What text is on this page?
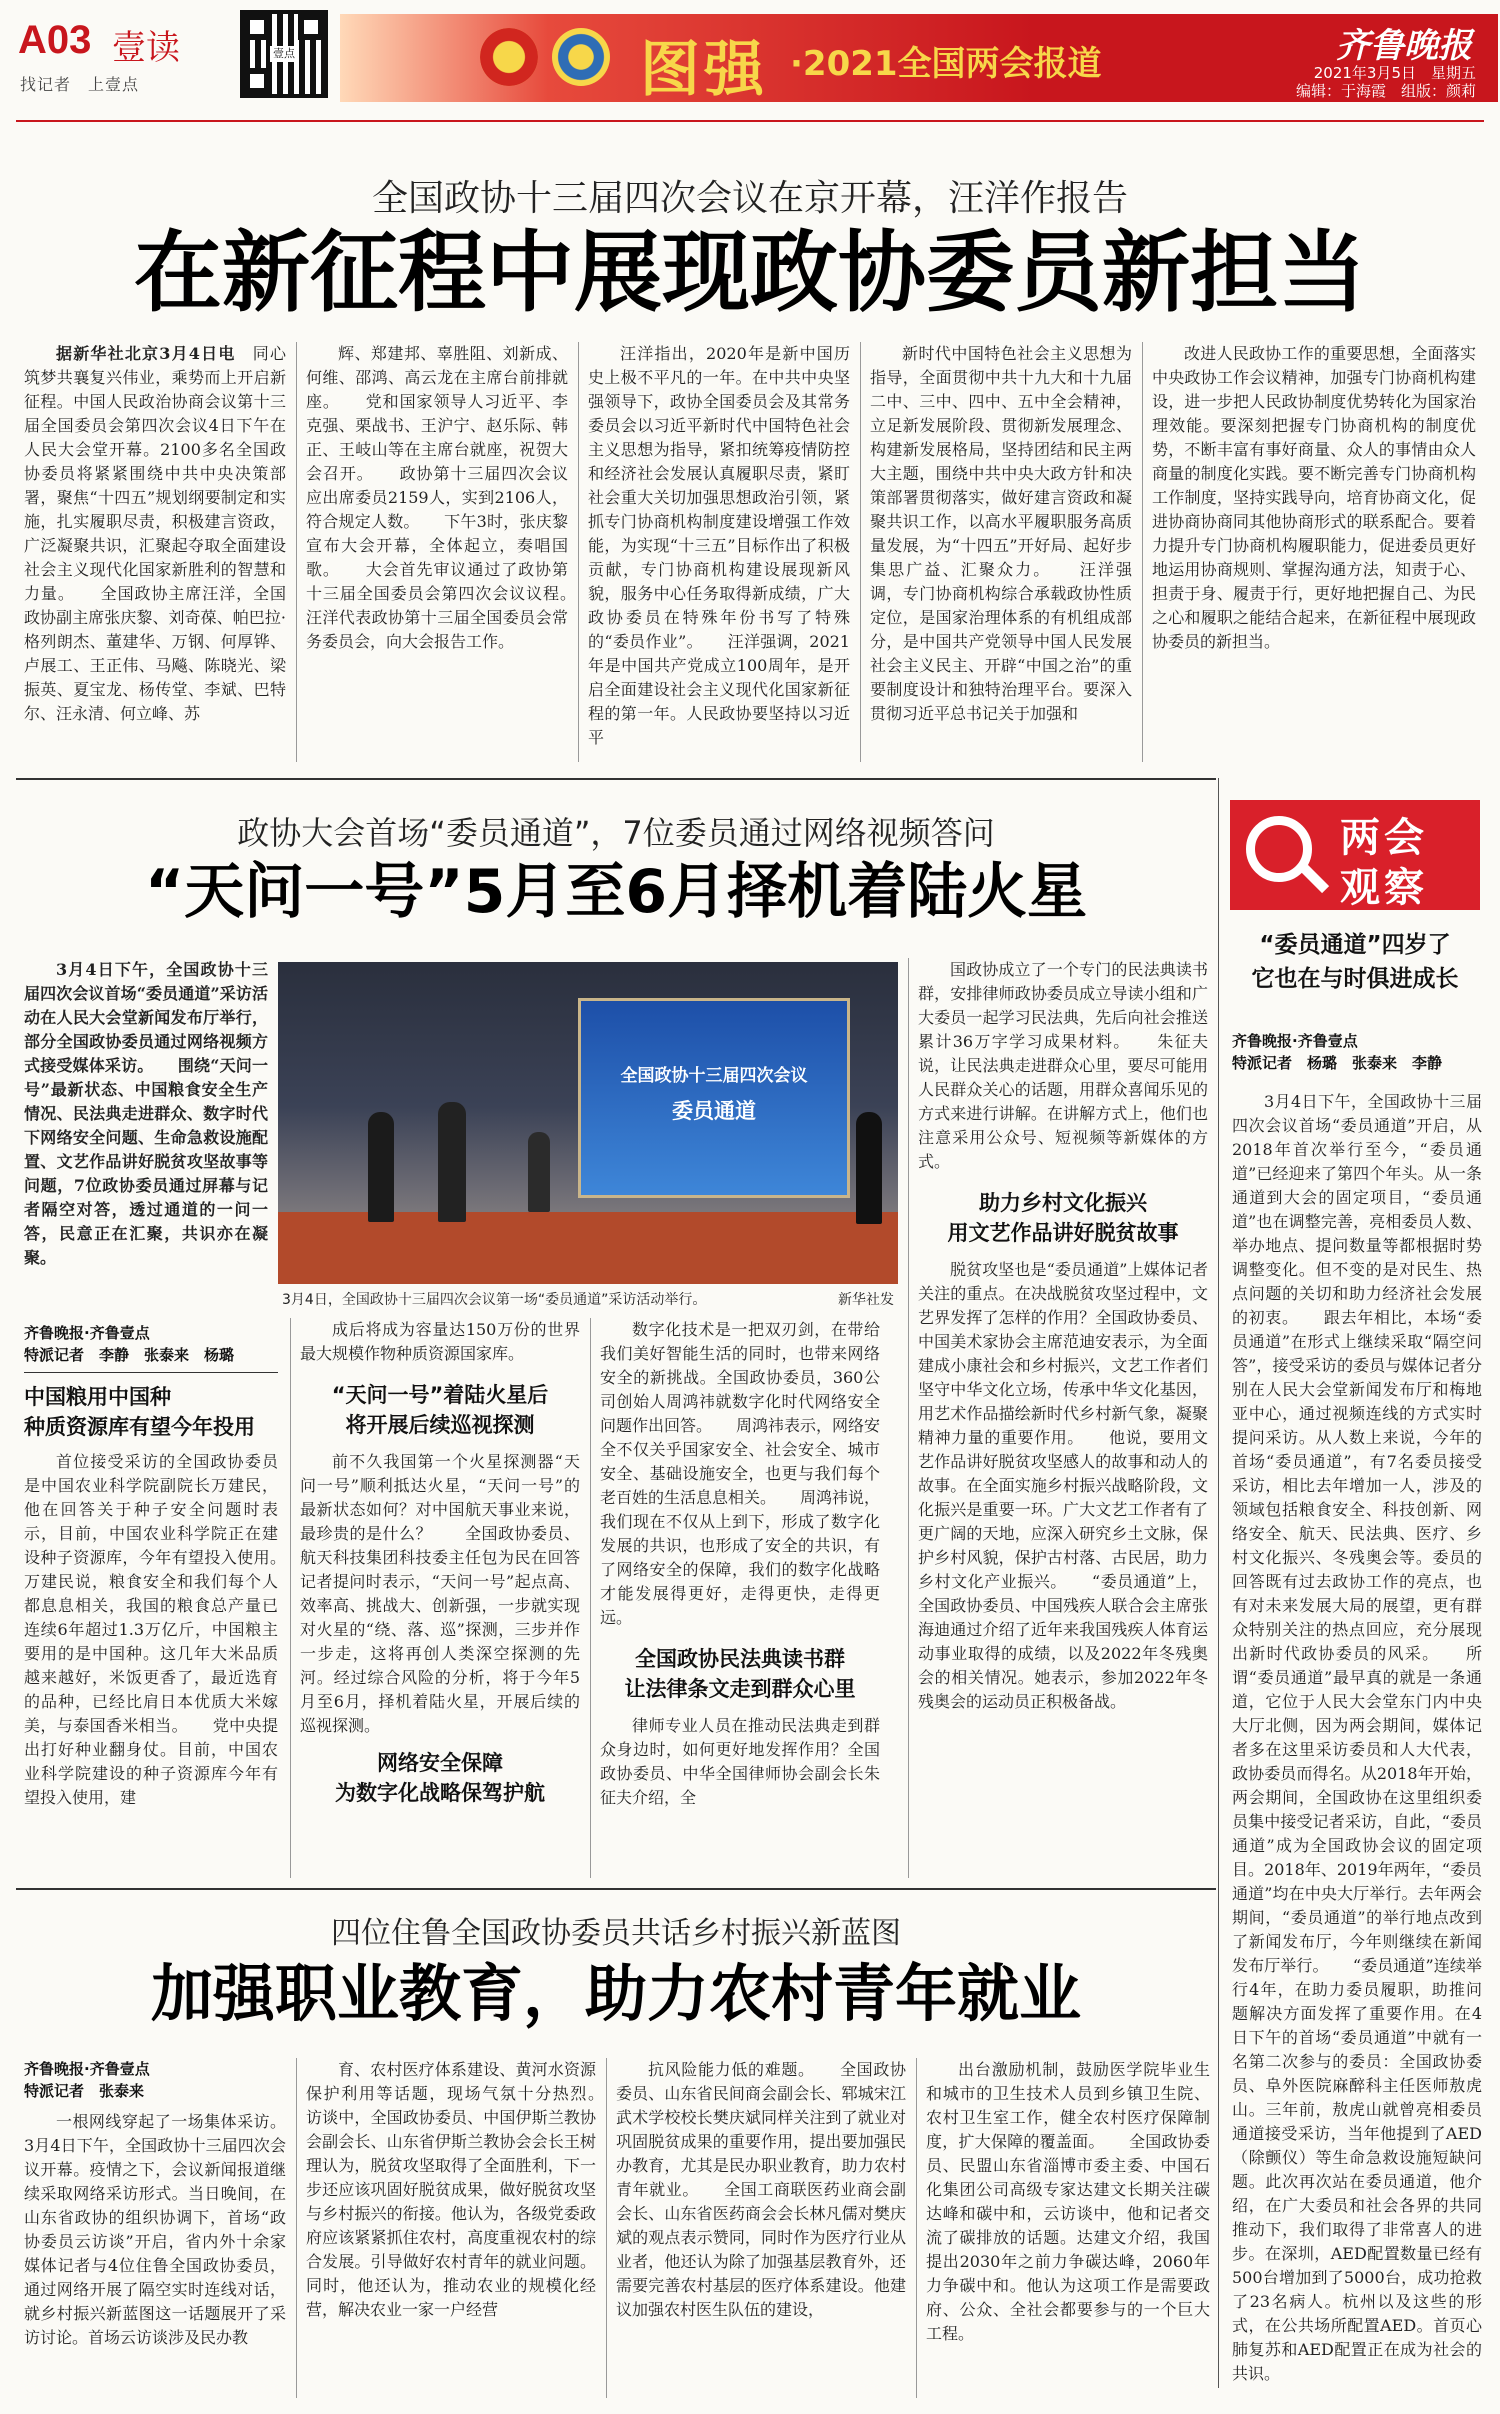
A03 壹读
找记者　上壹点
壹点	图强 ·2021全国两会报道	齐鲁晚报
2021年3月5日　星期五
编辑：于海霞　组版：颜莉
全国政协十三届四次会议在京开幕，汪洋作报告
在新征程中展现政协委员新担当

据新华社北京3月4日电　 同心筑梦共襄复兴伟业，乘势而上开启新征程。中国人民政治协商会议第十三届全国委员会第四次会议4日下午在人民大会堂开幕。2100多名全国政协委员将紧紧围绕中共中央决策部署，聚焦“十四五”规划纲要制定和实施，扎实履职尽责，积极建言资政，广泛凝聚共识，汇聚起夺取全面建设社会主义现代化国家新胜利的智慧和力量。　　全国政协主席汪洋，全国政协副主席张庆黎、刘奇葆、帕巴拉·格列朗杰、董建华、万钢、何厚铧、卢展工、王正伟、马飚、陈晓光、梁振英、夏宝龙、杨传堂、李斌、巴特尔、汪永清、何立峰、苏

辉、郑建邦、辜胜阻、刘新成、何维、邵鸿、高云龙在主席台前排就座。　　党和国家领导人习近平、李克强、栗战书、王沪宁、赵乐际、韩正、王岐山等在主席台就座，祝贺大会召开。　　政协第十三届四次会议应出席委员2159人，实到2106人，符合规定人数。　　下午3时，张庆黎宣布大会开幕，全体起立，奏唱国歌。　　大会首先审议通过了政协第十三届全国委员会第四次会议议程。　　汪洋代表政协第十三届全国委员会常务委员会，向大会报告工作。

汪洋指出，2020年是新中国历史上极不平凡的一年。在中共中央坚强领导下，政协全国委员会及其常务委员会以习近平新时代中国特色社会主义思想为指导，紧扣统筹疫情防控和经济社会发展认真履职尽责，紧盯社会重大关切加强思想政治引领，紧抓专门协商机构制度建设增强工作效能，为实现“十三五”目标作出了积极贡献，专门协商机构建设展现新风貌，服务中心任务取得新成绩，广大政协委员在特殊年份书写了特殊的“委员作业”。　　汪洋强调，2021年是中国共产党成立100周年，是开启全面建设社会主义现代化国家新征程的第一年。人民政协要坚持以习近平

新时代中国特色社会主义思想为指导，全面贯彻中共十九大和十九届二中、三中、四中、五中全会精神，立足新发展阶段、贯彻新发展理念、构建新发展格局，坚持团结和民主两大主题，围绕中共中央大政方针和决策部署贯彻落实，做好建言资政和凝聚共识工作，以高水平履职服务高质量发展，为“十四五”开好局、起好步集思广益、汇聚众力。　　汪洋强调，专门协商机构综合承载政协性质定位，是国家治理体系的有机组成部分，是中国共产党领导中国人民发展社会主义民主、开辟“中国之治”的重要制度设计和独特治理平台。要深入贯彻习近平总书记关于加强和

改进人民政协工作的重要思想，全面落实中央政协工作会议精神，加强专门协商机构建设，进一步把人民政协制度优势转化为国家治理效能。要深刻把握专门协商机构的制度优势，不断丰富有事好商量、众人的事情由众人商量的制度化实践。要不断完善专门协商机构工作制度，坚持实践导向，培育协商文化，促进协商协商同其他协商形式的联系配合。要着力提升专门协商机构履职能力，促进委员更好地运用协商规则、掌握沟通方法，知责于心、担责于身、履责于行，更好地把握自己、为民之心和履职之能结合起来，在新征程中展现政协委员的新担当。

政协大会首场“委员通道”，7位委员通过网络视频答问
“天问一号”5月至6月择机着陆火星

3月4日下午，全国政协十三届四次会议首场“委员通道”采访活动在人民大会堂新闻发布厅举行，部分全国政协委员通过网络视频方式接受媒体采访。　　围绕“天问一号”最新状态、中国粮食安全生产情况、民法典走进群众、数字时代下网络安全问题、生命急救设施配置、文艺作品讲好脱贫攻坚故事等问题，7位政协委员通过屏幕与记者隔空对答，透过通道的一问一答，民意正在汇聚，共识亦在凝聚。

全国政协十三届四次会议
委员通道
3月4日，全国政协十三届四次会议第一场“委员通道”采访活动举行。	新华社发
齐鲁晚报·齐鲁壹点
特派记者　李静　张泰来　杨璐
中国粮用中国种
种质资源库有望今年投用

首位接受采访的全国政协委员是中国农业科学院副院长万建民，他在回答关于种子安全问题时表示，目前，中国农业科学院正在建设种子资源库，今年有望投入使用。　　万建民说，粮食安全和我们每个人都息息相关，我国的粮食总产量已连续6年超过1.3万亿斤，中国粮主要用的是中国种。这几年大米品质越来越好，米饭更香了，最近选育的品种，已经比肩日本优质大米嫁美，与泰国香米相当。　　党中央提出打好种业翻身仗。目前，中国农业科学院建设的种子资源库今年有望投入使用，建

成后将成为容量达150万份的世界最大规模作物种质资源国家库。

“天问一号”着陆火星后
将开展后续巡视探测

前不久我国第一个火星探测器“天问一号”顺利抵达火星，“天问一号”的最新状态如何？对中国航天事业来说，最珍贵的是什么？　　全国政协委员、航天科技集团科技委主任包为民在回答记者提问时表示，“天问一号”起点高、效率高、挑战大、创新强，一步就实现对火星的“绕、落、巡”探测，三步并作一步走，这将再创人类深空探测的先河。经过综合风险的分析，将于今年5月至6月，择机着陆火星，开展后续的巡视探测。

网络安全保障
为数字化战略保驾护航

数字化技术是一把双刃剑，在带给我们美好智能生活的同时，也带来网络安全的新挑战。全国政协委员，360公司创始人周鸿祎就数字化时代网络安全问题作出回答。　　周鸿祎表示，网络安全不仅关乎国家安全、社会安全、城市安全、基础设施安全，也更与我们每个老百姓的生活息息相关。　　周鸿祎说，我们现在不仅从上到下，形成了数字化发展的共识，也形成了安全的共识，有了网络安全的保障，我们的数字化战略才能发展得更好，走得更快，走得更远。

全国政协民法典读书群
让法律条文走到群众心里

律师专业人员在推动民法典走到群众身边时，如何更好地发挥作用？全国政协委员、中华全国律师协会副会长朱征夫介绍，全

国政协成立了一个专门的民法典读书群，安排律师政协委员成立导读小组和广大委员一起学习民法典，先后向社会推送累计36万字学习成果材料。　　朱征夫说，让民法典走进群众心里，要尽可能用人民群众关心的话题，用群众喜闻乐见的方式来进行讲解。在讲解方式上，他们也注意采用公众号、短视频等新媒体的方式。

助力乡村文化振兴
用文艺作品讲好脱贫故事

脱贫攻坚也是“委员通道”上媒体记者关注的重点。在决战脱贫攻坚过程中，文艺界发挥了怎样的作用？全国政协委员、中国美术家协会主席范迪安表示，为全面建成小康社会和乡村振兴，文艺工作者们坚守中华文化立场，传承中华文化基因，用艺术作品描绘新时代乡村新气象，凝聚精神力量的重要作用。　　他说，要用文艺作品讲好脱贫攻坚感人的故事和动人的故事。在全面实施乡村振兴战略阶段，文化振兴是重要一环。广大文艺工作者有了更广阔的天地，应深入研究乡土文脉，保护乡村风貌，保护古村落、古民居，助力乡村文化产业振兴。　　“委员通道”上，全国政协委员、中国残疾人联合会主席张海迪通过介绍了近年来我国残疾人体育运动事业取得的成绩，以及2022年冬残奥会的相关情况。她表示，参加2022年冬残奥会的运动员正积极备战。

两会
观察
“委员通道”四岁了
它也在与时俱进成长
齐鲁晚报·齐鲁壹点
特派记者　杨璐　张泰来　李静

3月4日下午，全国政协十三届四次会议首场“委员通道”开启，从2018年首次举行至今，“委员通道”已经迎来了第四个年头。从一条通道到大会的固定项目，“委员通道”也在调整完善，亮相委员人数、举办地点、提问数量等都根据时势调整变化。但不变的是对民生、热点问题的关切和助力经济社会发展的初衷。　　跟去年相比，本场“委员通道”在形式上继续采取“隔空问答”，接受采访的委员与媒体记者分别在人民大会堂新闻发布厅和梅地亚中心，通过视频连线的方式实时提问采访。从人数上来说，今年的首场“委员通道”，有7名委员接受采访，相比去年增加一人，涉及的领域包括粮食安全、科技创新、网络安全、航天、民法典、医疗、乡村文化振兴、冬残奥会等。委员的回答既有过去政协工作的亮点，也有对未来发展大局的展望，更有群众特别关注的热点回应，充分展现出新时代政协委员的风采。　　所谓“委员通道”最早真的就是一条通道，它位于人民大会堂东门内中央大厅北侧，因为两会期间，媒体记者多在这里采访委员和人大代表，政协委员而得名。从2018年开始，两会期间，全国政协在这里组织委员集中接受记者采访，自此，“委员通道”成为全国政协会议的固定项目。2018年、2019年两年，“委员通道”均在中央大厅举行。去年两会期间，“委员通道”的举行地点改到了新闻发布厅，今年则继续在新闻发布厅举行。　　“委员通道”连续举行4年，在助力委员履职，助推问题解决方面发挥了重要作用。在4日下午的首场“委员通道”中就有一名第二次参与的委员：全国政协委员、阜外医院麻醉科主任医师敖虎山。三年前，敖虎山就曾亮相委员通道接受采访，当年他提到了AED（除颤仪）等生命急救设施短缺问题。此次再次站在委员通道，他介绍，在广大委员和社会各界的共同推动下，我们取得了非常喜人的进步。在深圳，AED配置数量已经有500台增加到了5000台，成功抢救了23名病人。杭州以及这些的形式，在公共场所配置AED。首页心肺复苏和AED配置正在成为社会的共识。

四位住鲁全国政协委员共话乡村振兴新蓝图
加强职业教育，助力农村青年就业
齐鲁晚报·齐鲁壹点
特派记者　张泰来

一根网线穿起了一场集体采访。3月4日下午，全国政协十三届四次会议开幕。疫情之下，会议新闻报道继续采取网络采访形式。当日晚间，在山东省政协的组织协调下，首场“政协委员云访谈”开启，省内外十余家媒体记者与4位住鲁全国政协委员，通过网络开展了隔空实时连线对话，就乡村振兴新蓝图这一话题展开了采访讨论。首场云访谈涉及民办教

育、农村医疗体系建设、黄河水资源保护利用等话题，现场气氛十分热烈。　　访谈中，全国政协委员、中国伊斯兰教协会副会长、山东省伊斯兰教协会会长王树理认为，脱贫攻坚取得了全面胜利，下一步还应该巩固好脱贫成果，做好脱贫攻坚与乡村振兴的衔接。他认为，各级党委政府应该紧紧抓住农村，高度重视农村的综合发展。引导做好农村青年的就业问题。同时，他还认为，推动农业的规模化经营，解决农业一家一户经营

抗风险能力低的难题。　　全国政协委员、山东省民间商会副会长、郓城宋江武术学校校长樊庆斌同样关注到了就业对巩固脱贫成果的重要作用，提出要加强民办教育，尤其是民办职业教育，助力农村青年就业。　　全国工商联医药业商会副会长、山东省医药商会会长林凡儒对樊庆斌的观点表示赞同，同时作为医疗行业从业者，他还认为除了加强基层教育外，还需要完善农村基层的医疗体系建设。他建议加强农村医生队伍的建设，

出台激励机制，鼓励医学院毕业生和城市的卫生技术人员到乡镇卫生院、农村卫生室工作，健全农村医疗保障制度，扩大保障的覆盖面。　　全国政协委员、民盟山东省淄博市委主委、中国石化集团公司高级专家达建文长期关注碳达峰和碳中和，云访谈中，他和记者交流了碳排放的话题。达建文介绍，我国提出2030年之前力争碳达峰，2060年力争碳中和。他认为这项工作是需要政府、公众、全社会都要参与的一个巨大工程。
